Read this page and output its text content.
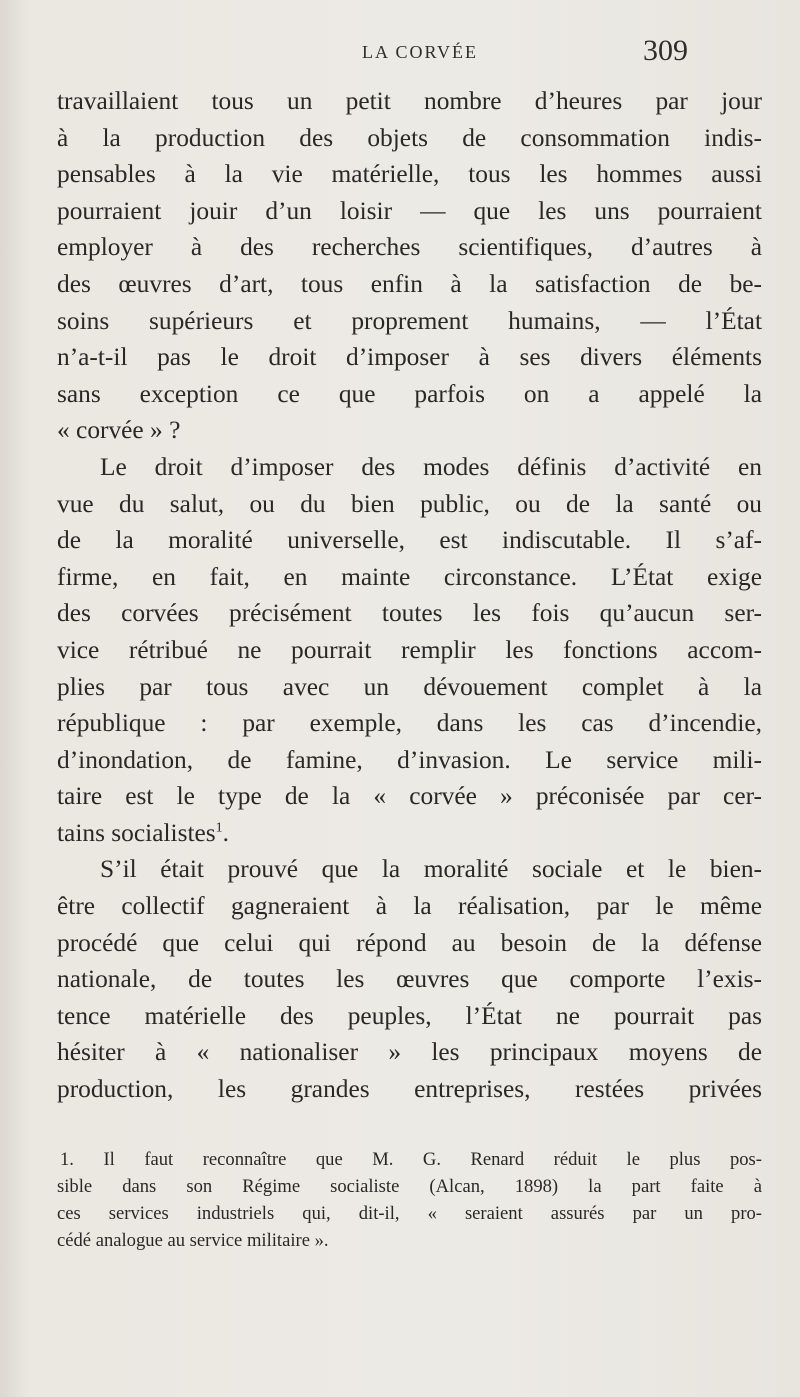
LA CORVÉE	309
travaillaient tous un petit nombre d’heures par jour
à la production des objets de consommation indis-
pensables à la vie matérielle, tous les hommes aussi
pourraient jouir d’un loisir — que les uns pourraient
employer à des recherches scientifiques, d’autres à
des œuvres d’art, tous enfin à la satisfaction de be-
soins supérieurs et proprement humains, — l’État
n’a-t-il pas le droit d’imposer à ses divers éléments
sans exception ce que parfois on a appelé la
« corvée » ?
Le droit d’imposer des modes définis d’activité en
vue du salut, ou du bien public, ou de la santé ou
de la moralité universelle, est indiscutable. Il s’af-
firme, en fait, en mainte circonstance. L’État exige
des corvées précisément toutes les fois qu’aucun ser-
vice rétribué ne pourrait remplir les fonctions accom-
plies par tous avec un dévouement complet à la
république : par exemple, dans les cas d’incendie,
d’inondation, de famine, d’invasion. Le service mili-
taire est le type de la « corvée » préconisée par cer-
tains socialistes$^1$.
S’il était prouvé que la moralité sociale et le bien-
être collectif gagneraient à la réalisation, par le même
procédé que celui qui répond au besoin de la défense
nationale, de toutes les œuvres que comporte l’exis-
tence matérielle des peuples, l’État ne pourrait pas
hésiter à « nationaliser » les principaux moyens de
production, les grandes entreprises, restées privées
1. Il faut reconnaître que M. G. Renard réduit le plus pos-
sible dans son Régime socialiste (Alcan, 1898) la part faite à
ces services industriels qui, dit-il, « seraient assurés par un pro-
cédé analogue au service militaire ».
